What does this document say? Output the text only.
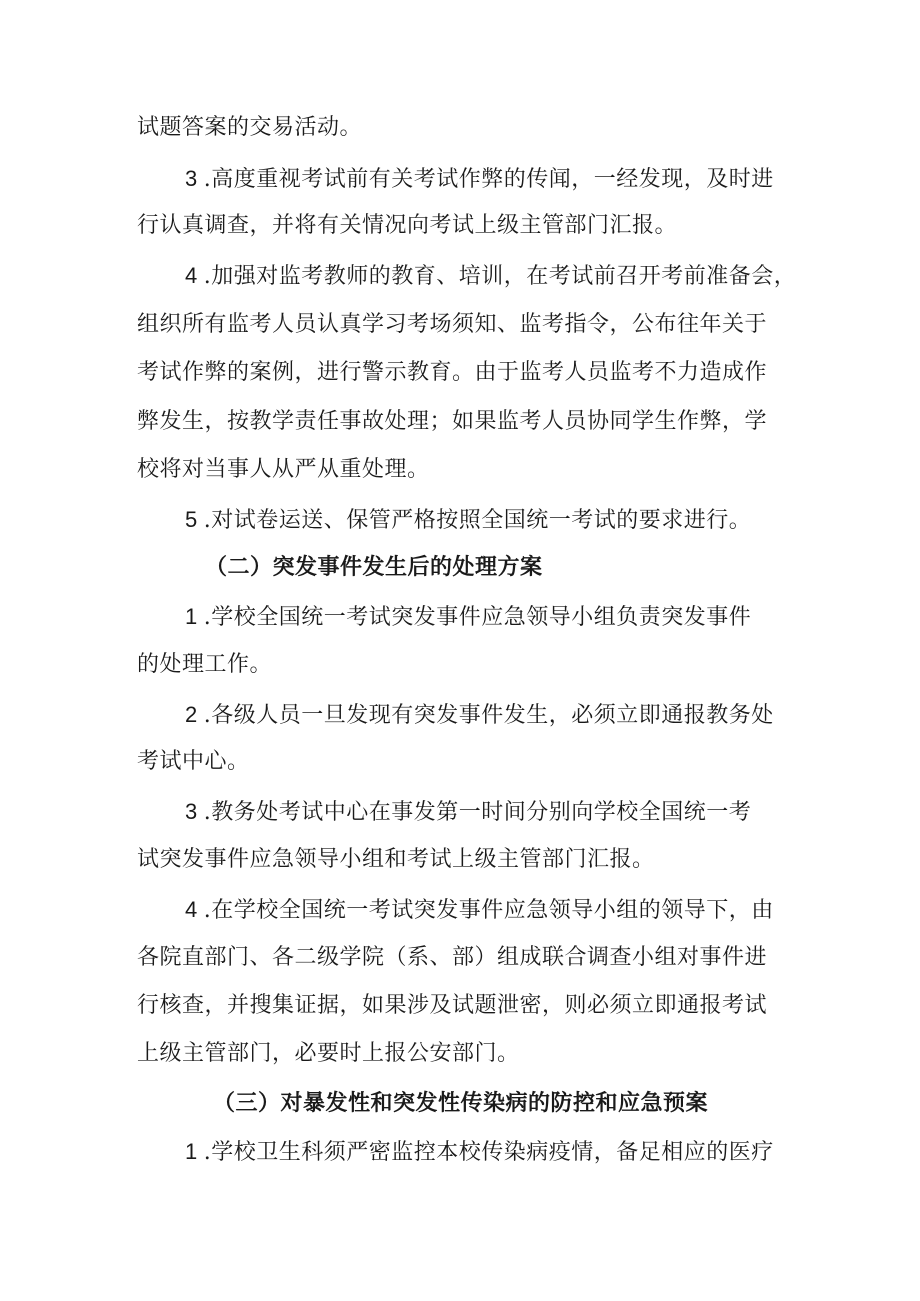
试题答案的交易活动。
3 .高度重视考试前有关考试作弊的传闻，一经发现，及时进
行认真调查，并将有关情况向考试上级主管部门汇报。
4 .加强对监考教师的教育、培训，在考试前召开考前准备会，
组织所有监考人员认真学习考场须知、监考指令，公布往年关于
考试作弊的案例，进行警示教育。由于监考人员监考不力造成作
弊发生，按教学责任事故处理；如果监考人员协同学生作弊，学
校将对当事人从严从重处理。
5 .对试卷运送、保管严格按照全国统一考试的要求进行。
（二）突发事件发生后的处理方案
1 .学校全国统一考试突发事件应急领导小组负责突发事件
的处理工作。
2 .各级人员一旦发现有突发事件发生，必须立即通报教务处
考试中心。
3 .教务处考试中心在事发第一时间分别向学校全国统一考
试突发事件应急领导小组和考试上级主管部门汇报。
4 .在学校全国统一考试突发事件应急领导小组的领导下，由
各院直部门、各二级学院（系、部）组成联合调查小组对事件进
行核查，并搜集证据，如果涉及试题泄密，则必须立即通报考试
上级主管部门，必要时上报公安部门。
（三）对暴发性和突发性传染病的防控和应急预案
1 .学校卫生科须严密监控本校传染病疫情，备足相应的医疗
